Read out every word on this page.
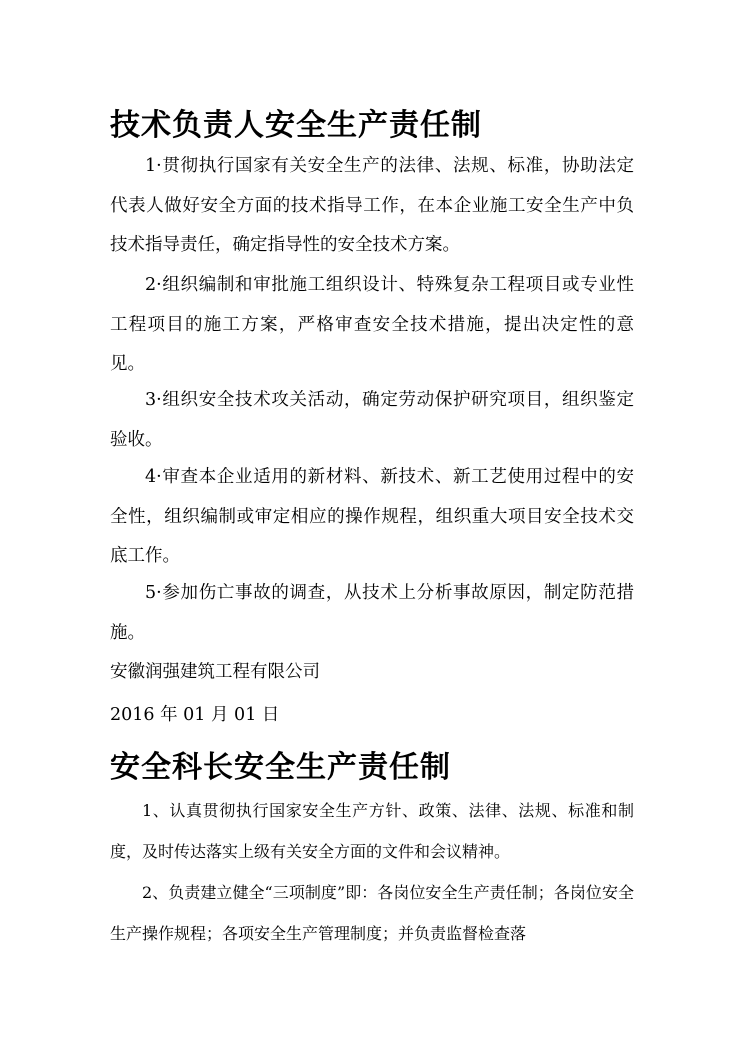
技术负责人安全生产责任制

1·贯彻执行国家有关安全生产的法律、法规、标准，协助法定代表人做好安全方面的技术指导工作，在本企业施工安全生产中负技术指导责任，确定指导性的安全技术方案。

2·组织编制和审批施工组织设计、特殊复杂工程项目或专业性工程项目的施工方案，严格审查安全技术措施，提出决定性的意见。

3·组织安全技术攻关活动，确定劳动保护研究项目，组织鉴定验收。

4·审查本企业适用的新材料、新技术、新工艺使用过程中的安全性，组织编制或审定相应的操作规程，组织重大项目安全技术交底工作。

5·参加伤亡事故的调查，从技术上分析事故原因，制定防范措施。

安徽润强建筑工程有限公司

2016 年 01 月 01 日

安全科长安全生产责任制

1、认真贯彻执行国家安全生产方针、政策、法律、法规、标准和制度，及时传达落实上级有关安全方面的文件和会议精神。

2、负责建立健全“三项制度”即：各岗位安全生产责任制；各岗位安全生产操作规程；各项安全生产管理制度；并负责监督检查落
